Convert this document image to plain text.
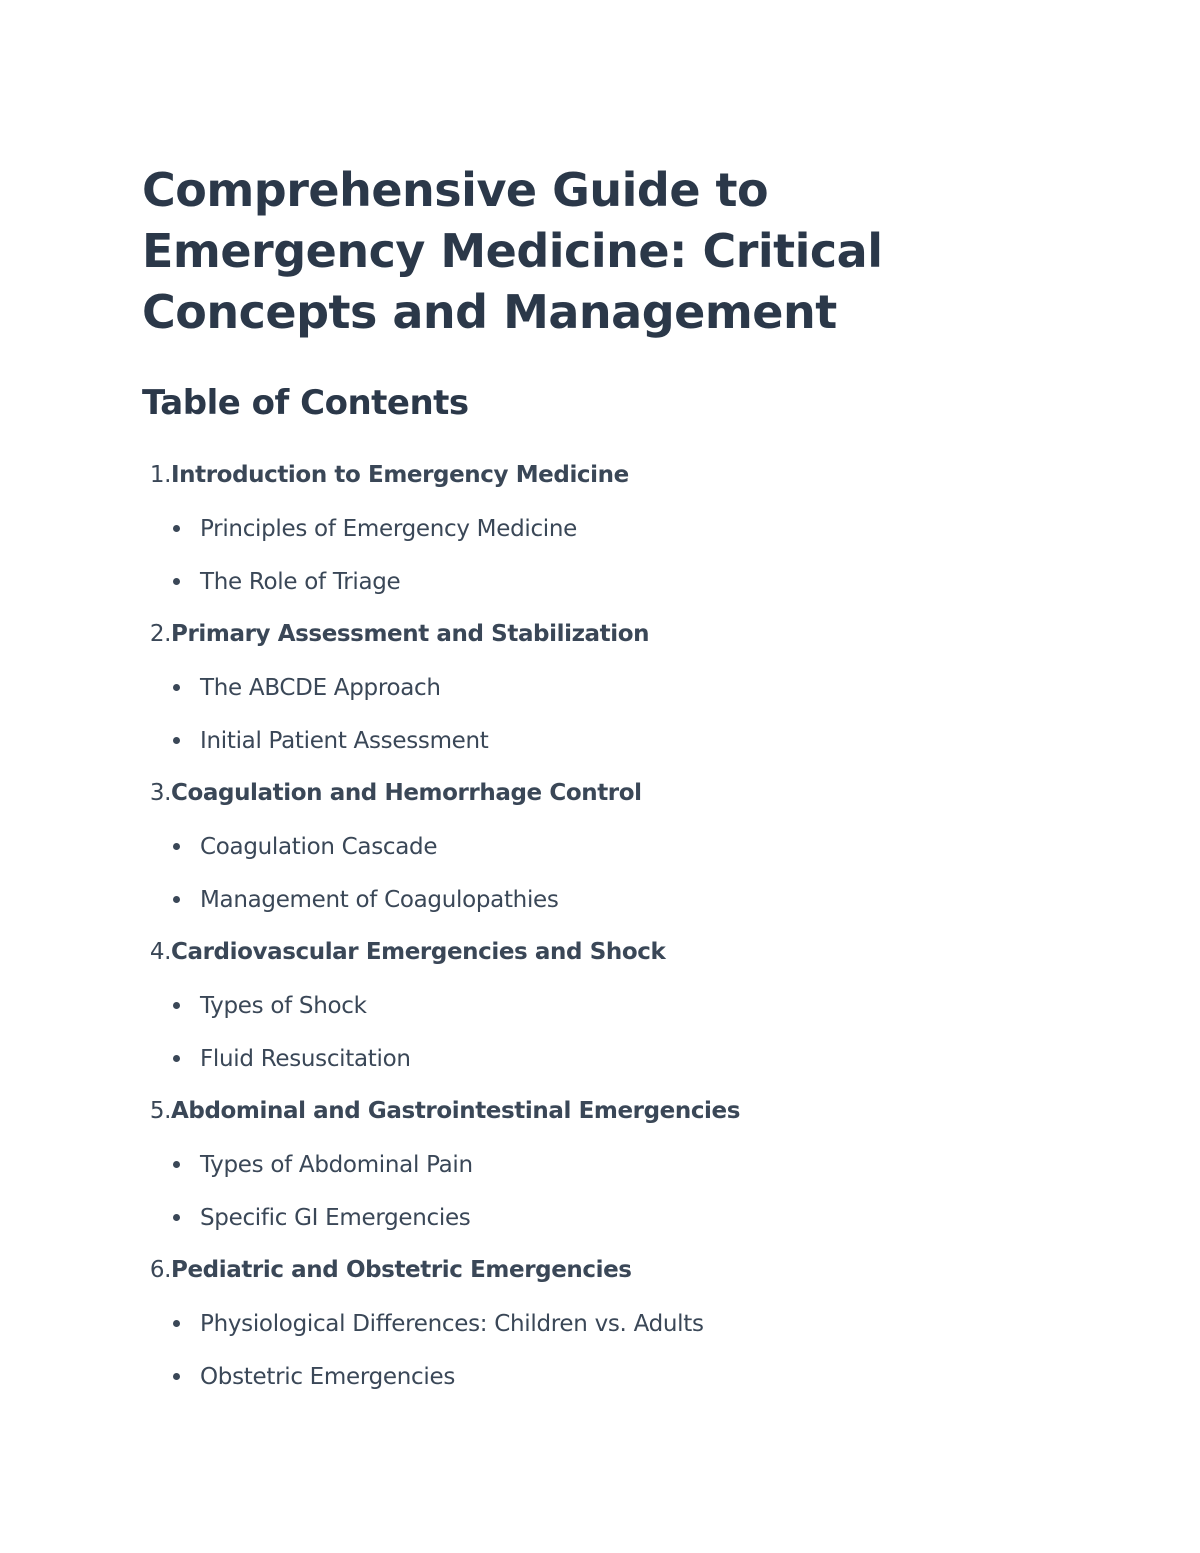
Comprehensive Guide to Emergency Medicine: Critical Concepts and Management
Table of Contents
1. Introduction to Emergency Medicine
Principles of Emergency Medicine
The Role of Triage
2. Primary Assessment and Stabilization
The ABCDE Approach
Initial Patient Assessment
3. Coagulation and Hemorrhage Control
Coagulation Cascade
Management of Coagulopathies
4. Cardiovascular Emergencies and Shock
Types of Shock
Fluid Resuscitation
5. Abdominal and Gastrointestinal Emergencies
Types of Abdominal Pain
Specific GI Emergencies
6. Pediatric and Obstetric Emergencies
Physiological Differences: Children vs. Adults
Obstetric Emergencies
